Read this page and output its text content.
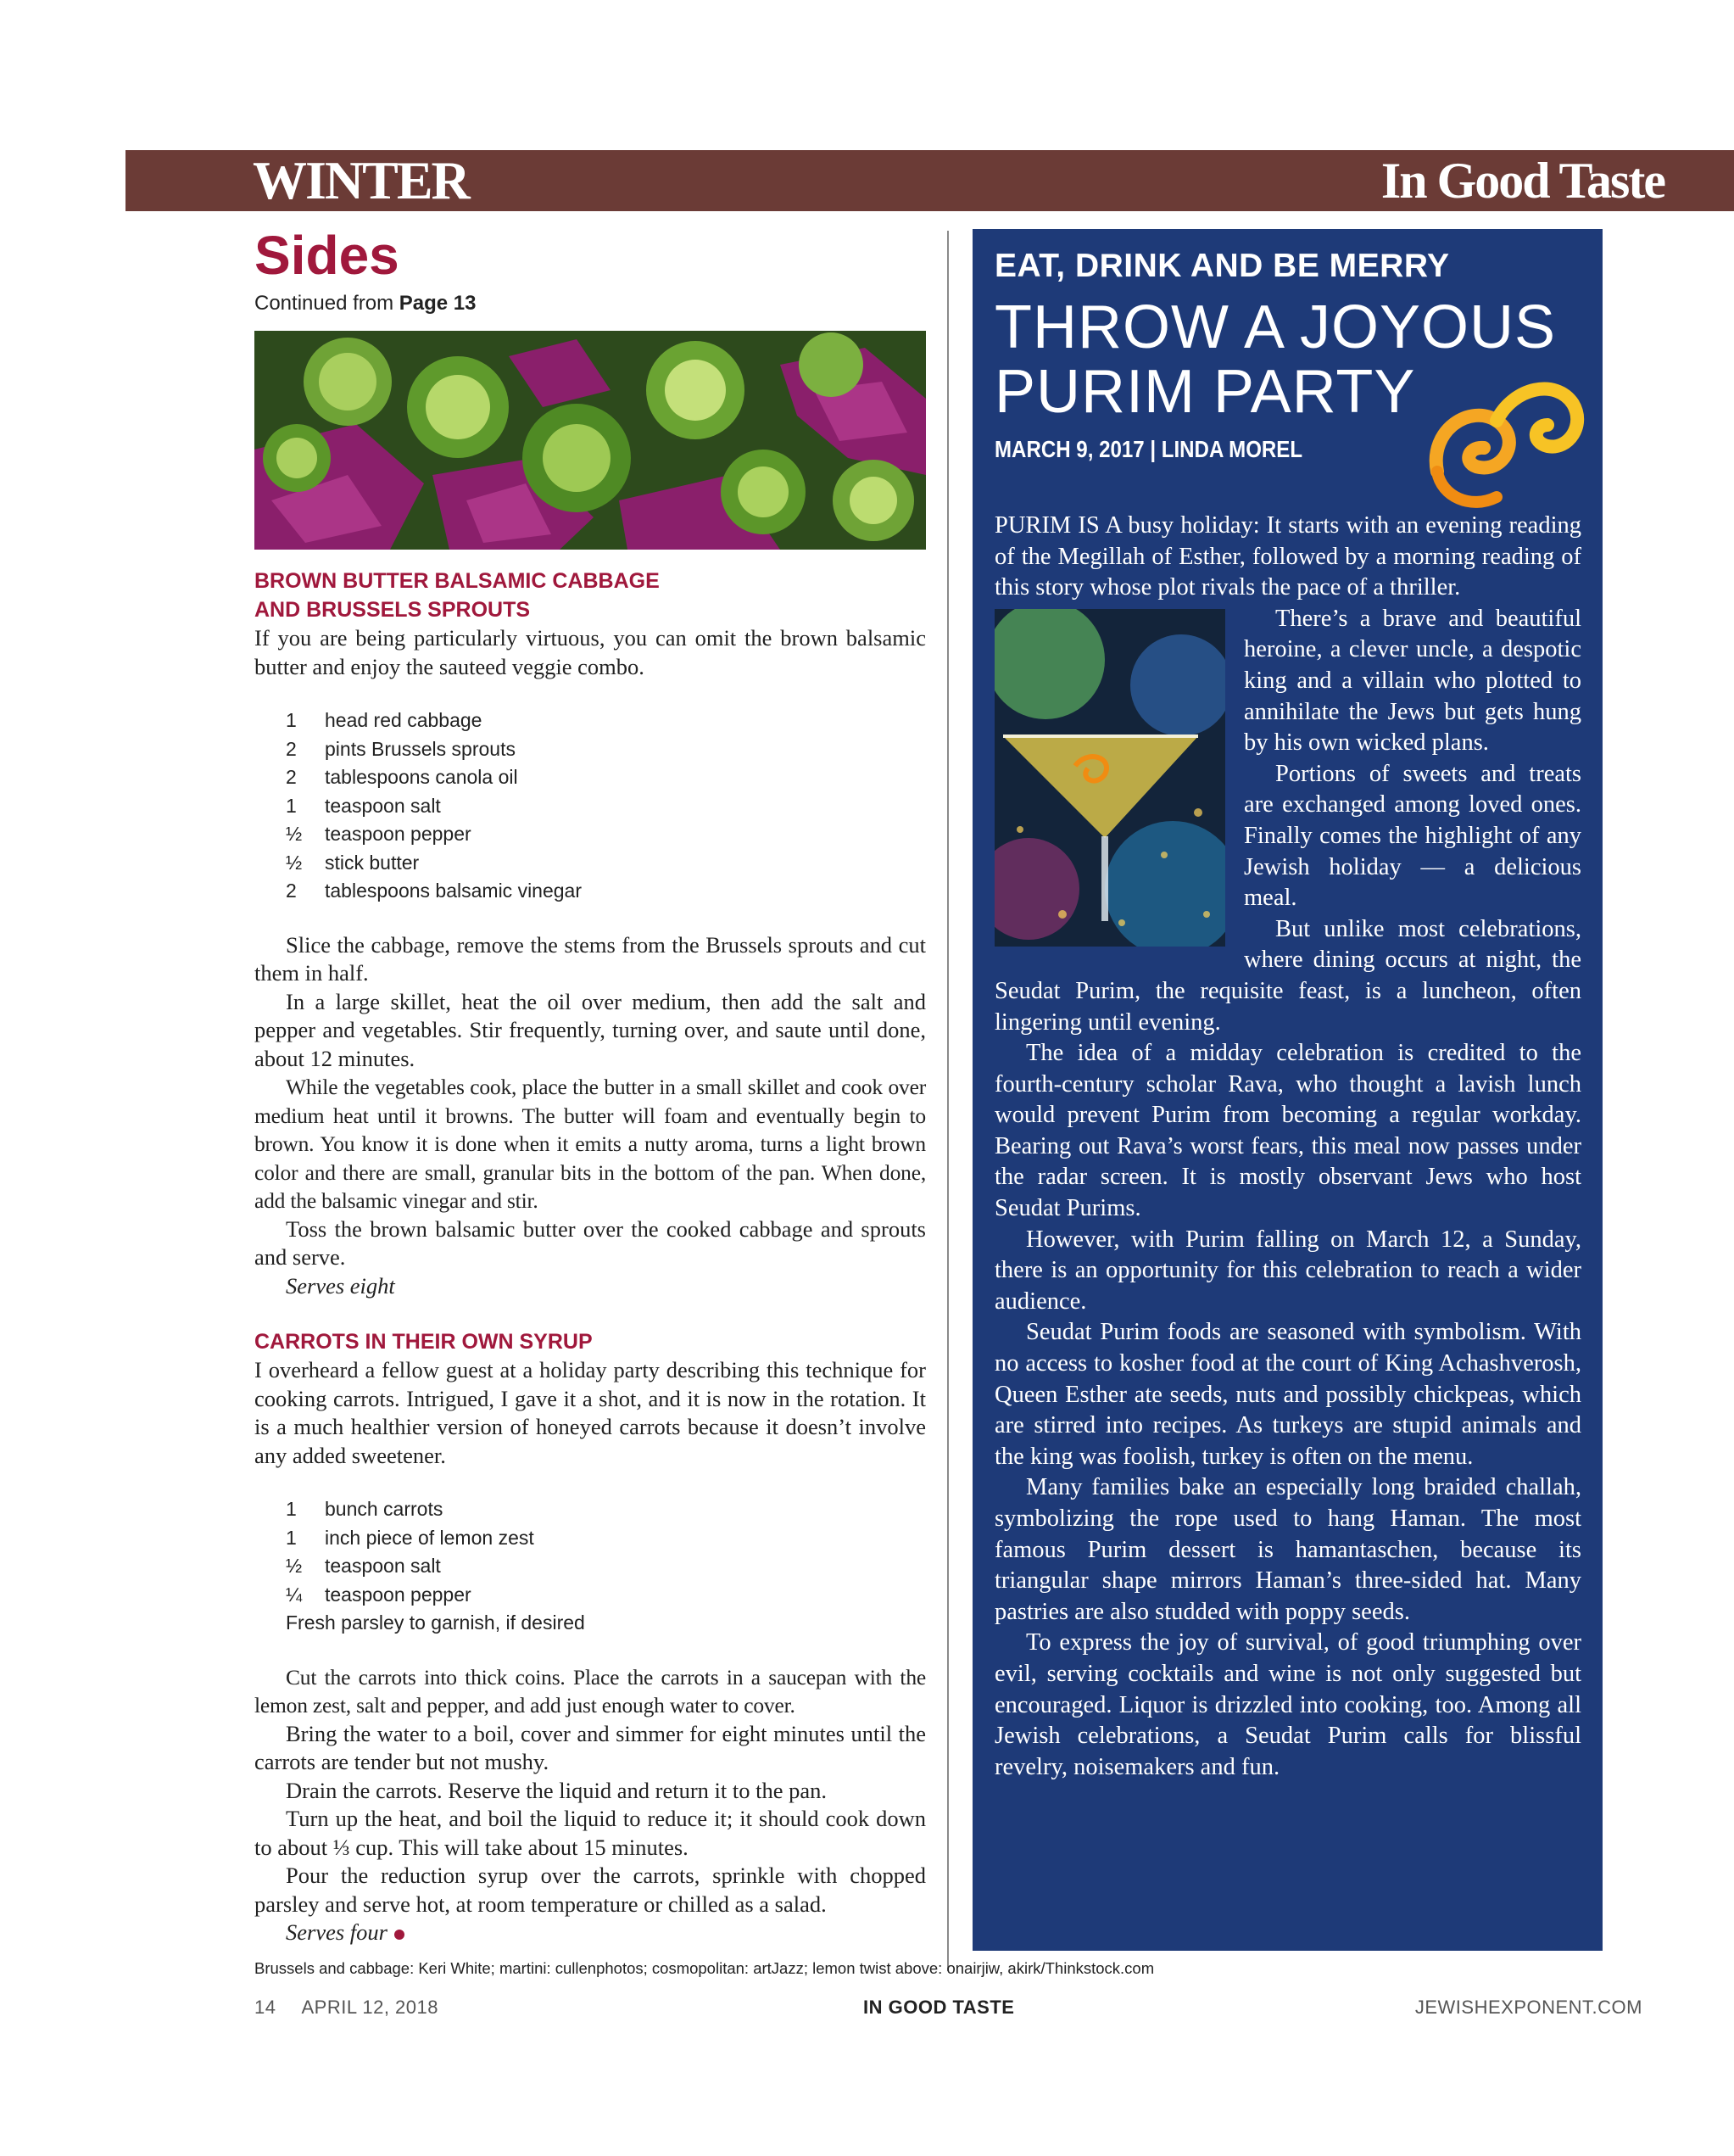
WINTER	In Good Taste
Sides
Continued from Page 13
BROWN BUTTER BALSAMIC CABBAGE
AND BRUSSELS SPROUTS

If you are being particularly virtuous, you can omit the brown balsamic butter and enjoy the sauteed veggie combo.

1	head red cabbage
2	pints Brussels sprouts
2	tablespoons canola oil
1	teaspoon salt
½	teaspoon pepper
½	stick butter
2	tablespoons balsamic vinegar

Slice the cabbage, remove the stems from the Brussels sprouts and cut them in half.

In a large skillet, heat the oil over medium, then add the salt and pepper and vegetables. Stir frequently, turning over, and saute until done, about 12 minutes.

While the vegetables cook, place the butter in a small skillet and cook over medium heat until it browns. The butter will foam and eventually begin to brown. You know it is done when it emits a nutty aroma, turns a light brown color and there are small, granular bits in the bottom of the pan. When done, add the balsamic vinegar and stir.

Toss the brown balsamic butter over the cooked cabbage and sprouts and serve.

Serves eight
CARROTS IN THEIR OWN SYRUP

I overheard a fellow guest at a holiday party describing this technique for cooking carrots. Intrigued, I gave it a shot, and it is now in the rotation. It is a much healthier version of honeyed carrots because it doesn’t involve any added sweetener.

1	bunch carrots
1	inch piece of lemon zest
½	teaspoon salt
¼	teaspoon pepper
Fresh parsley to garnish, if desired

Cut the carrots into thick coins. Place the carrots in a saucepan with the lemon zest, salt and pepper, and add just enough water to cover.

Bring the water to a boil, cover and simmer for eight minutes until the carrots are tender but not mushy.

Drain the carrots. Reserve the liquid and return it to the pan.

Turn up the heat, and boil the liquid to reduce it; it should cook down to about ⅓ cup. This will take about 15 minutes.

Pour the reduction syrup over the carrots, sprinkle with chopped parsley and serve hot, at room temperature or chilled as a salad.

Serves four
EAT, DRINK AND BE MERRY
THROW A JOYOUS
PURIM PARTY
MARCH 9, 2017 | LINDA MOREL

PURIM IS A busy holiday: It starts with an evening reading of the Megillah of Esther, followed by a morning reading of this story whose plot rivals the pace of a thriller.

There’s a brave and beautiful heroine, a clever uncle, a despotic king and a villain who plotted to annihilate the Jews but gets hung by his own wicked plans.

Portions of sweets and treats are exchanged among loved ones. Finally comes the highlight of any Jewish holiday — a delicious meal.

But unlike most celebrations, where dining occurs at night, the Seudat Purim, the requisite feast, is a luncheon, often lingering until evening.

The idea of a midday celebration is credited to the fourth-century scholar Rava, who thought a lavish lunch would prevent Purim from becoming a regular workday. Bearing out Rava’s worst fears, this meal now passes under the radar screen. It is mostly observant Jews who host Seudat Purims.

However, with Purim falling on March 12, a Sunday, there is an opportunity for this celebration to reach a wider audience.

Seudat Purim foods are seasoned with symbolism. With no access to kosher food at the court of King Achashverosh, Queen Esther ate seeds, nuts and possibly chickpeas, which are stirred into recipes. As turkeys are stupid animals and the king was foolish, turkey is often on the menu.

Many families bake an especially long braided challah, symbolizing the rope used to hang Haman. The most famous Purim dessert is hamantaschen, because its triangular shape mirrors Haman’s three-sided hat. Many pastries are also studded with poppy seeds.

To express the joy of survival, of good triumphing over evil, serving cocktails and wine is not only suggested but encouraged. Liquor is drizzled into cooking, too. Among all Jewish celebrations, a Seudat Purim calls for blissful revelry, noisemakers and fun.

Brussels and cabbage: Keri White; martini: cullenphotos; cosmopolitan: artJazz; lemon twist above: onairjiw, akirk/Thinkstock.com
14 APRIL 12, 2018	IN GOOD TASTE	JEWISHEXPONENT.COM
